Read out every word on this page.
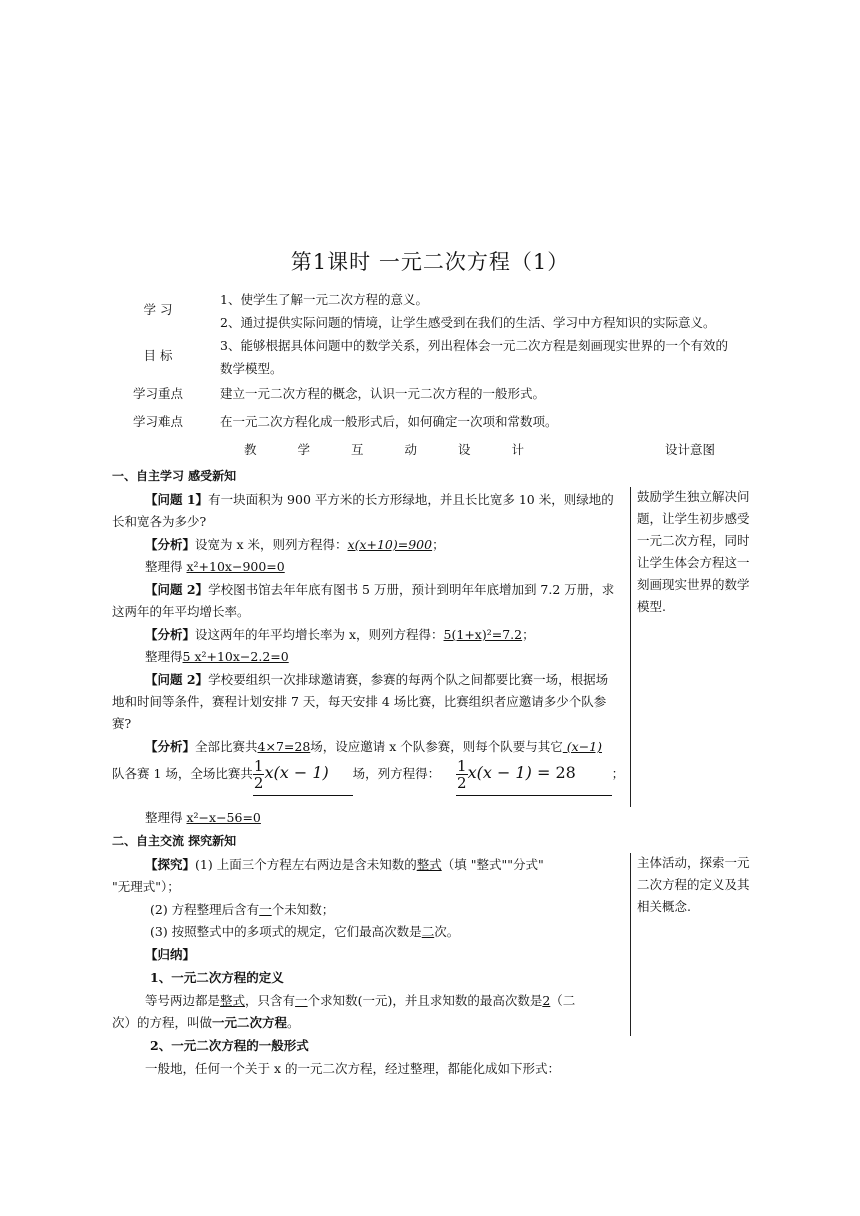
第1课时 一元二次方程（1）
学 习
目 标
1、使学生了解一元二次方程的意义。
2、通过提供实际问题的情境，让学生感受到在我们的生活、学习中方程知识的实际意义。
3、能够根据具体问题中的数学关系，列出程体会一元二次方程是刻画现实世界的一个有效的
数学模型。
学习重点	建立一元二次方程的概念，认识一元二次方程的一般形式。
学习难点	在一元二次方程化成一般形式后，如何确定一次项和常数项。
教学互动设计	设计意图
一、自主学习 感受新知
【问题 1】有一块面积为 900 平方米的长方形绿地，并且长比宽多 10 米，则绿地的
长和宽各为多少?
【分析】设宽为 x 米，则列方程得：x(x+10)=900；
整理得 x²+10x−900=0
【问题 2】学校图书馆去年年底有图书 5 万册，预计到明年年底增加到 7.2 万册，求
这两年的年平均增长率。
【分析】设这两年的年平均增长率为 x，则列方程得：5(1+x)²=7.2；
整理得5 x²+10x−2.2=0
【问题 2】学校要组织一次排球邀请赛，参赛的每两个队之间都要比赛一场，根据场
地和时间等条件，赛程计划安排 7 天，每天安排 4 场比赛，比赛组织者应邀请多少个队参
赛?
【分析】全部比赛共4×7=28场，设应邀请 x 个队参赛，则每个队要与其它 (x−1)
队各赛 1 场，全场比赛共 $\frac{1}{2} x(x - 1)$ 场，列方程得： $\frac{1}{2} x(x - 1) = 28$	；
整理得 x²−x−56=0
鼓励学生独立解决问题，让学生初步感受一元二次方程，同时让学生体会方程这一刻画现实世界的数学模型.
二、自主交流 探究新知
【探究】(1) 上面三个方程左右两边是含未知数的整式（填 "整式""分式"
"无理式"）；
(2) 方程整理后含有一个未知数；
(3) 按照整式中的多项式的规定，它们最高次数是二次。
【归纳】
1、一元二次方程的定义
等号两边都是整式，只含有一个求知数(一元)，并且求知数的最高次数是2（二
次）的方程，叫做一元二次方程。
2、一元二次方程的一般形式
一般地，任何一个关于 x 的一元二次方程，经过整理，都能化成如下形式：
主体活动，探索一元二次方程的定义及其相关概念.
